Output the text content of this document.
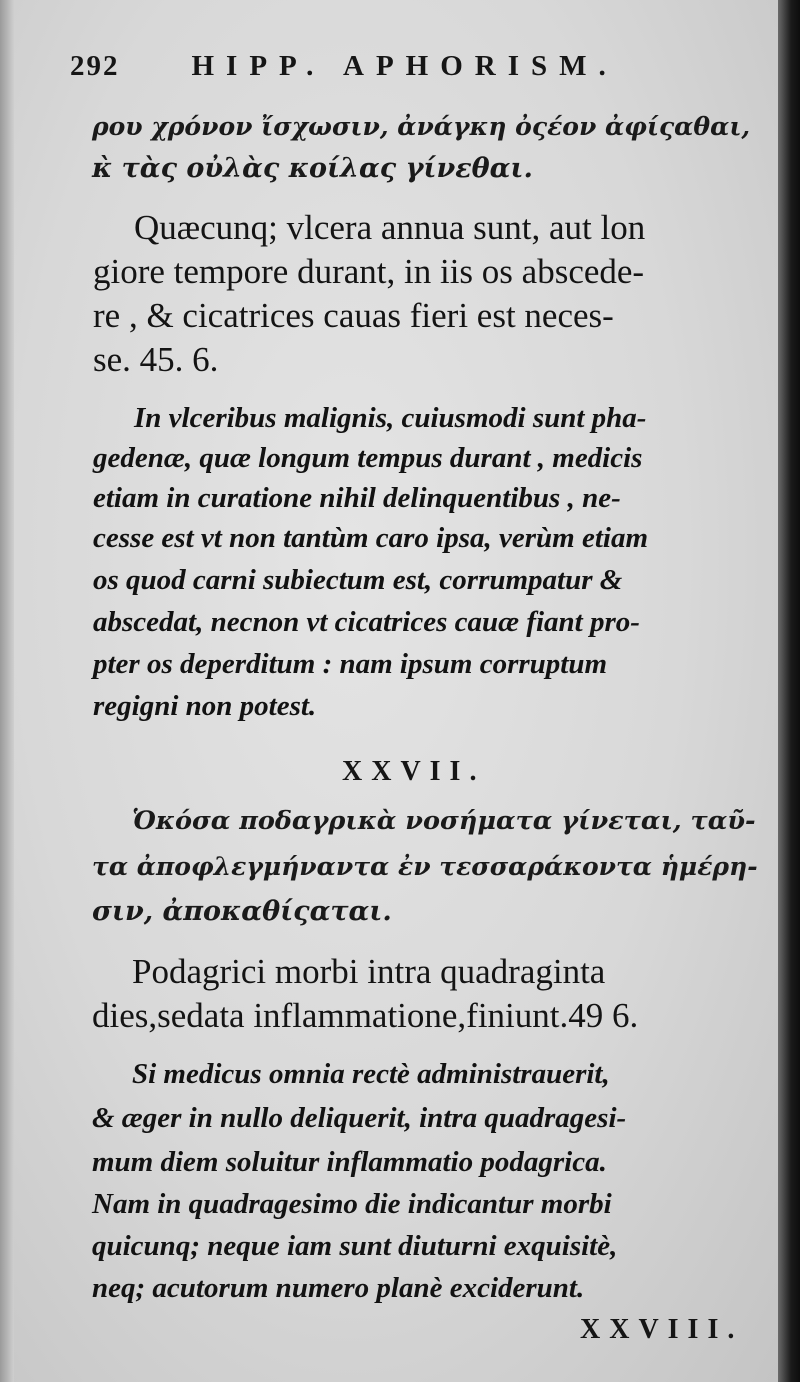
292 HIPP. APHORISM.
ρου χρόνον ἴσχωσιν, ἀνάγκη ὀςέον ἀφίςαθαι,
κ̀ τὰς οὐλὰς κοίλας γίνεθαι.
Quæcunq; vlcera annua sunt, aut lon
giore tempore durant, in iis os abscede-
re , & cicatrices cauas fieri est neces-
se. 45. 6.
In vlceribus malignis, cuiusmodi sunt pha-
gedenæ, quæ longum tempus durant , medicis
etiam in curatione nihil delinquentibus , ne-
cesse est vt non tantùm caro ipsa, verùm etiam
os quod carni subiectum est, corrumpatur &
abscedat, necnon vt cicatrices cauæ fiant pro-
pter os deperditum : nam ipsum corruptum
regigni non potest.
XXVII.
Ὁκόσα ποδαγρικὰ νοσήματα γίνεται, ταῦ-
τα ἀποφλεγμήναντα ἐν τεσσαράκοντα ἡμέρη-
σιν, ἀποκαθίςαται.
Podagrici morbi intra quadraginta
dies,sedata inflammatione,finiunt.49 6.
Si medicus omnia rectè administrauerit,
& æger in nullo deliquerit, intra quadragesi-
mum diem soluitur inflammatio podagrica.
Nam in quadragesimo die indicantur morbi
quicunq; neque iam sunt diuturni exquisitè,
neq; acutorum numero planè exciderunt.
XXVIII.
